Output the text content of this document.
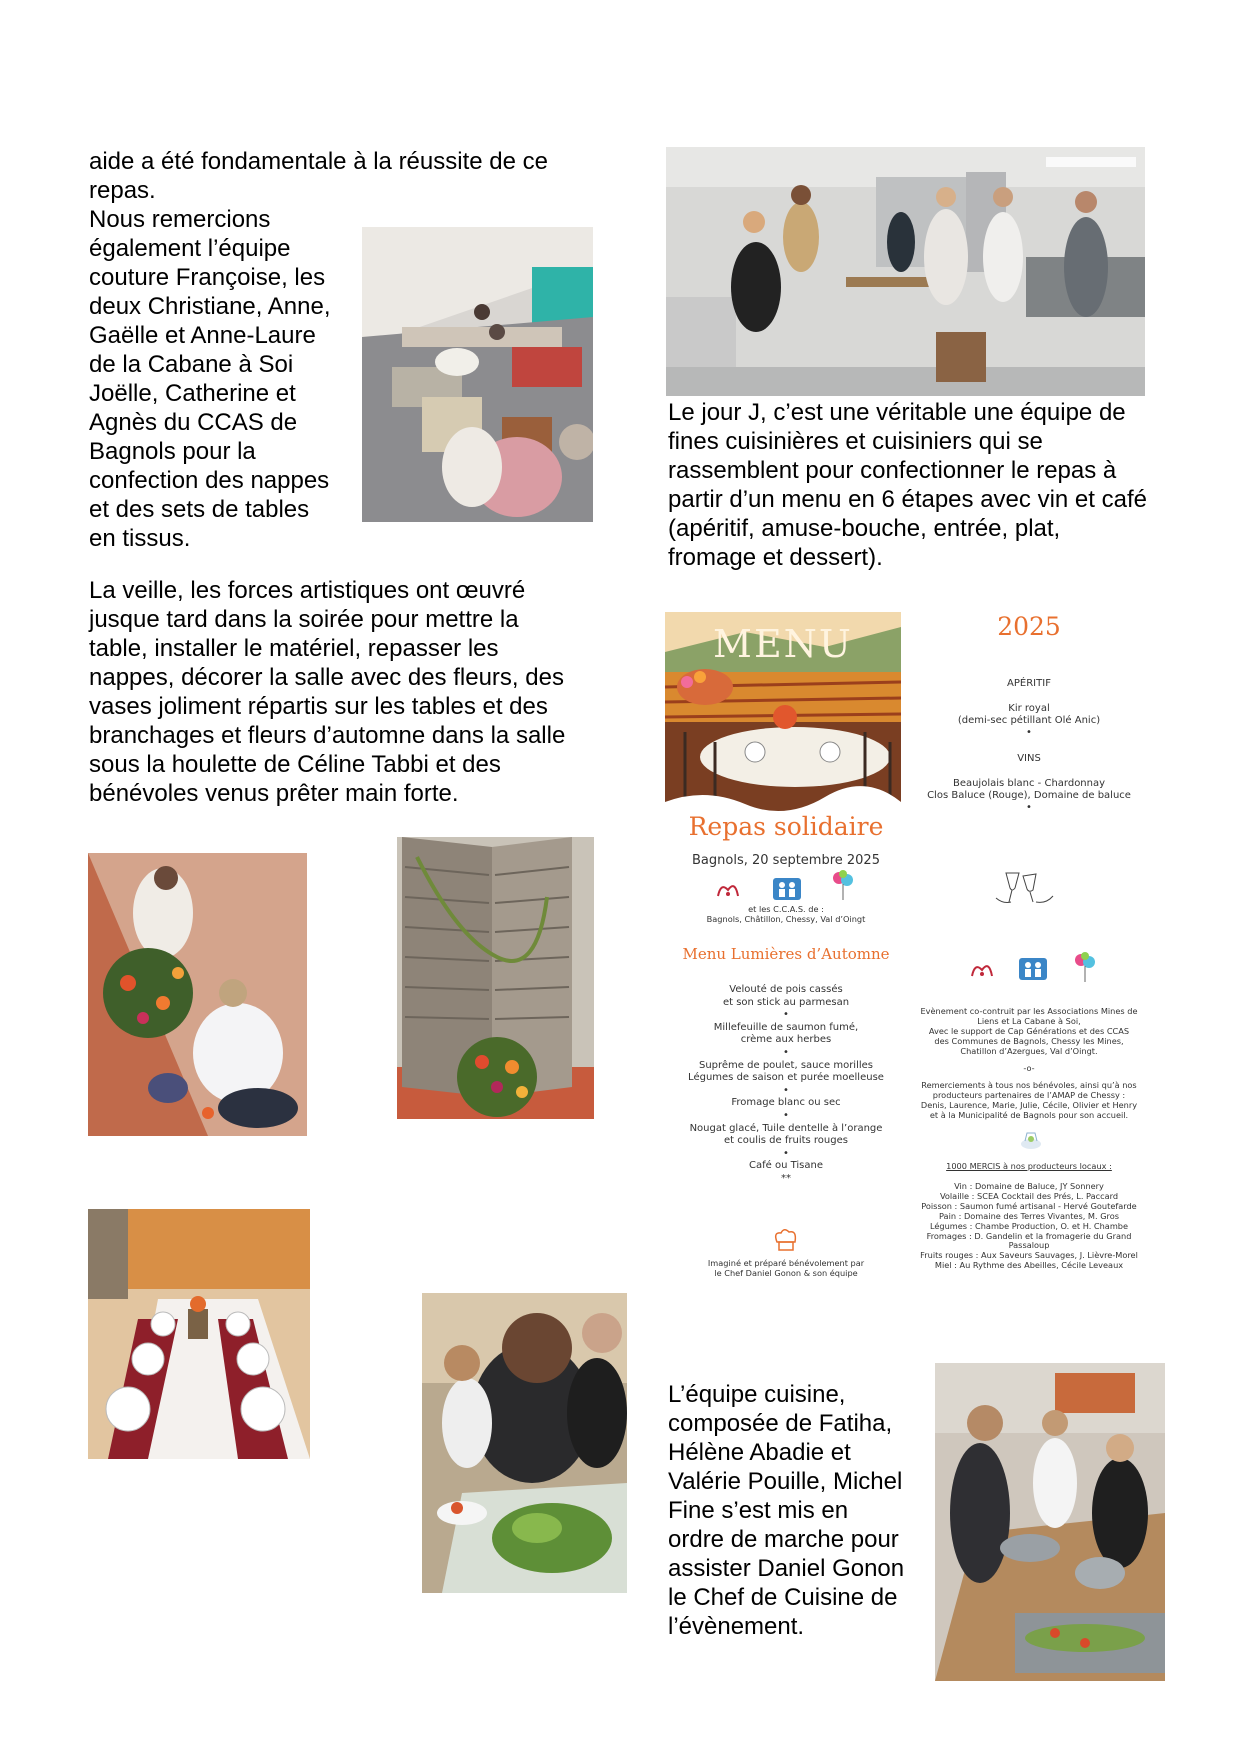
aide a été fondamentale à la réussite de ce
repas.
Nous remercions
également l’équipe
couture Françoise, les
deux Christiane, Anne,
Gaëlle et Anne-Laure
de la Cabane à Soi
Joëlle, Catherine et
Agnès du CCAS de
Bagnols pour la
confection des nappes
et des sets de tables
en tissus.
La veille, les forces artistiques ont œuvré
jusque tard dans la soirée pour mettre la
table, installer le matériel, repasser les
nappes, décorer la salle avec des fleurs, des
vases joliment répartis sur les tables et des
branchages et fleurs d’automne dans la salle
sous la houlette de Céline Tabbi et des
bénévoles venus prêter main forte.
Le jour J, c’est une véritable une équipe de
fines cuisinières et cuisiniers qui se
rassemblent pour confectionner le repas à
partir d’un menu en 6 étapes avec vin et café
(apéritif, amuse-bouche, entrée, plat,
fromage et dessert).
L’équipe cuisine,
composée de Fatiha,
Hélène Abadie et
Valérie Pouille, Michel
Fine s’est mis en
ordre de marche pour
assister Daniel Gonon
le Chef de Cuisine de
l’évènement.
MENU
Repas solidaire
Bagnols, 20 septembre 2025
et les C.C.A.S. de :
Bagnols, Châtillon, Chessy, Val d’Oingt
Menu Lumières d’Automne
Velouté de pois cassés
et son stick au parmesan
•
Millefeuille de saumon fumé,
crème aux herbes
•
Suprême de poulet, sauce morilles
Légumes de saison et purée moelleuse
•
Fromage blanc ou sec
•
Nougat glacé, Tuile dentelle à l’orange
et coulis de fruits rouges
•
Café ou Tisane
**
Imaginé et préparé bénévolement par
le Chef Daniel Gonon & son équipe
2025
APÉRITIF
Kir royal
(demi-sec pétillant Olé Anic)
•
VINS
Beaujolais blanc - Chardonnay
Clos Baluce (Rouge), Domaine de baluce
•
Evènement co-contruit par les Associations Mines de
Liens et La Cabane à Soi,
Avec le support de Cap Générations et des CCAS
des Communes de Bagnols, Chessy les Mines,
Chatillon d’Azergues, Val d’Oingt.
-o-
Remerciements à tous nos bénévoles, ainsi qu’à nos
producteurs partenaires de l’AMAP de Chessy :
Denis, Laurence, Marie, Julie, Cécile, Olivier et Henry
et à la Municipalité de Bagnols pour son accueil.
1000 MERCIS à nos producteurs locaux :
Vin : Domaine de Baluce, JY Sonnery
Volaille : SCEA Cocktail des Prés, L. Paccard
Poisson : Saumon fumé artisanal - Hervé Goutefarde
Pain : Domaine des Terres Vivantes, M. Gros
Légumes : Chambe Production, O. et H. Chambe
Fromages : D. Gandelin et la fromagerie du Grand
Passaloup
Fruits rouges : Aux Saveurs Sauvages, J. Lièvre-Morel
Miel : Au Rythme des Abeilles, Cécile Leveaux
